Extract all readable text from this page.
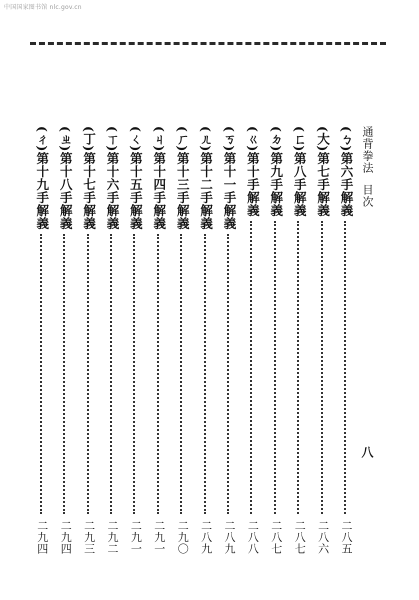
中国国家图书馆 nlc.gov.cn
通背拳法目次
八
(ㄅ)第六手解義
二八五
(大)第七手解義
二八六
(ㄈ)第八手解義
二八七
(ㄉ)第九手解義
二八七
(ㄍ)第十手解義
二八八
(ㄎ)第十一手解義
二八九
(ㄦ)第十二手解義
二八九
(ㄏ)第十三手解義
二九〇
(ㄐ)第十四手解義
二九一
(ㄑ)第十五手解義
二九一
(ㄒ)第十六手解義
二九二
(丁)第十七手解義
二九三
(ㄓ)第十八手解義
二九四
(ㄔ)第十九手解義
二九四
